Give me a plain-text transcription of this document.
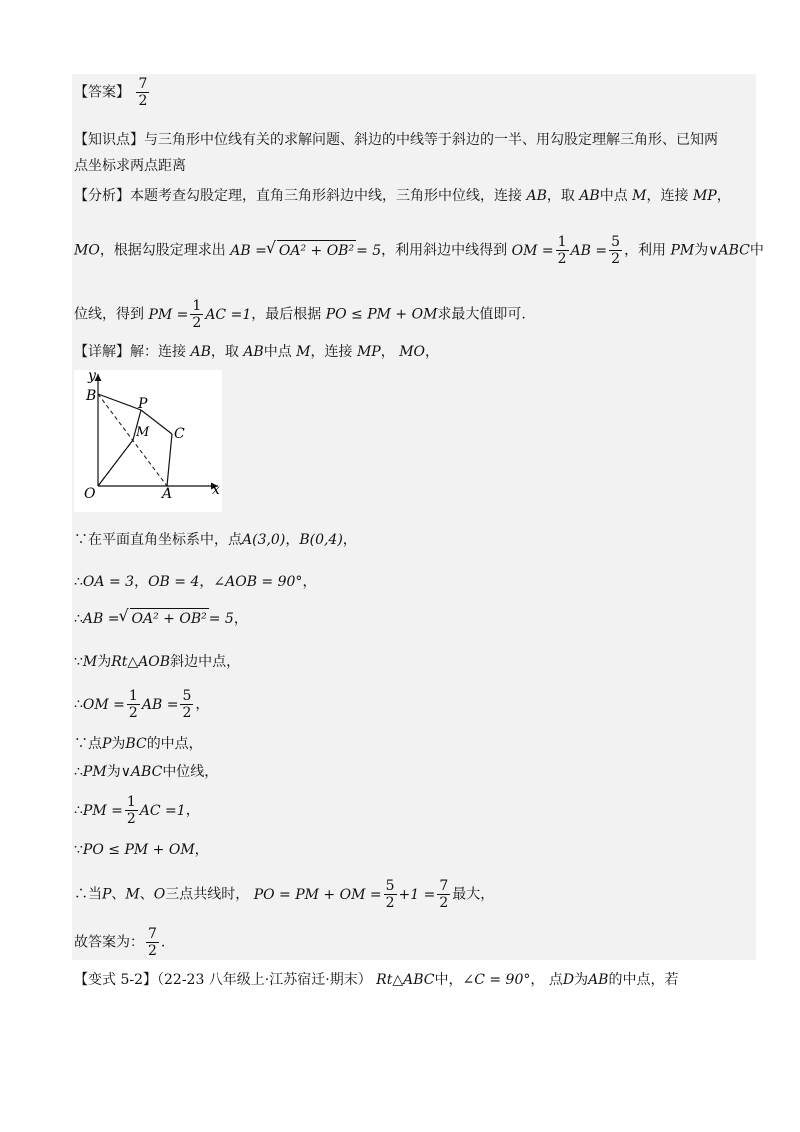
【答案】 $\frac{7}{2}$
【知识点】与三角形中位线有关的求解问题、斜边的中线等于斜边的一半、用勾股定理解三角形、已知两
点坐标求两点距离
【分析】本题考查勾股定理，直角三角形斜边中线，三角形中位线，连接 AB，取 AB中点 M，连接 MP，
MO，根据勾股定理求出 AB = √ OA² + OB² = 5，利用斜边中线得到 OM = $\frac{1}{2}$ AB = $\frac{5}{2}$ ，利用 PM为∨ABC中
位线，得到 PM = $\frac{1}{2}$ AC =1，最后根据 PO ≤ PM + OM求最大值即可.
【详解】解：连接 AB，取 AB中点 M，连接 MP， MO，
y
B	P
M C
O	A	x
∵在平面直角坐标系中，点A(3,0)，B(0,4)，
∴OA = 3，OB = 4，∠AOB = 90°，
∴AB = √ OA² + OB² = 5，
∵M为Rt△AOB斜边中点，
∴OM = $\frac{1}{2}$ AB = $\frac{5}{2}$ ，
∵点P为BC的中点，
∴PM为∨ABC中位线，
∴PM = $\frac{1}{2}$ AC =1，
∵PO ≤ PM + OM，
∴当P、M、O三点共线时， PO = PM + OM = $\frac{5}{2} +1 = \frac{7}{2}$ 最大，
故答案为： $\frac{7}{2}$ .
【变式 5-2】（22-23 八年级上·江苏宿迁·期末） Rt△ABC中，∠C = 90°， 点D为AB的中点，若
